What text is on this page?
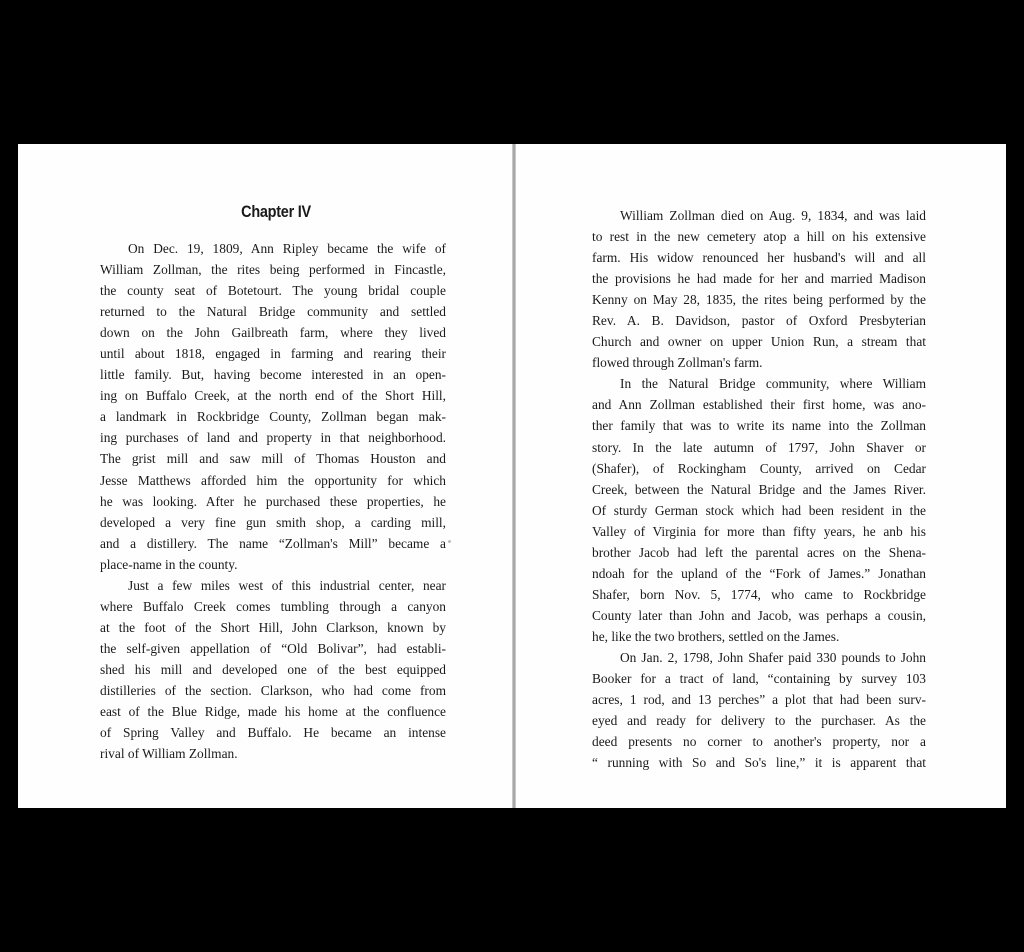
Chapter IV
On Dec. 19, 1809, Ann Ripley became the wife of
William Zollman, the rites being performed in Fincastle,
the county seat of Botetourt. The young bridal couple
returned to the Natural Bridge community and settled
down on the John Gailbreath farm, where they lived
until about 1818, engaged in farming and rearing their
little family. But, having become interested in an open-
ing on Buffalo Creek, at the north end of the Short Hill,
a landmark in Rockbridge County, Zollman began mak-
ing purchases of land and property in that neighborhood.
The grist mill and saw mill of Thomas Houston and
Jesse Matthews afforded him the opportunity for which
he was looking. After he purchased these properties, he
developed a very fine gun smith shop, a carding mill,
and a distillery. The name “Zollman's Mill” became a
place-name in the county.
Just a few miles west of this industrial center, near
where Buffalo Creek comes tumbling through a canyon
at the foot of the Short Hill, John Clarkson, known by
the self-given appellation of “Old Bolivar”, had establi-
shed his mill and developed one of the best equipped
distilleries of the section. Clarkson, who had come from
east of the Blue Ridge, made his home at the confluence
of Spring Valley and Buffalo. He became an intense
rival of William Zollman.
William Zollman died on Aug. 9, 1834, and was laid
to rest in the new cemetery atop a hill on his extensive
farm. His widow renounced her husband's will and all
the provisions he had made for her and married Madison
Kenny on May 28, 1835, the rites being performed by the
Rev. A. B. Davidson, pastor of Oxford Presbyterian
Church and owner on upper Union Run, a stream that
flowed through Zollman's farm.
In the Natural Bridge community, where William
and Ann Zollman established their first home, was ano-
ther family that was to write its name into the Zollman
story. In the late autumn of 1797, John Shaver or
(Shafer), of Rockingham County, arrived on Cedar
Creek, between the Natural Bridge and the James River.
Of sturdy German stock which had been resident in the
Valley of Virginia for more than fifty years, he anb his
brother Jacob had left the parental acres on the Shena-
ndoah for the upland of the “Fork of James.” Jonathan
Shafer, born Nov. 5, 1774, who came to Rockbridge
County later than John and Jacob, was perhaps a cousin,
he, like the two brothers, settled on the James.
On Jan. 2, 1798, John Shafer paid 330 pounds to John
Booker for a tract of land, “containing by survey 103
acres, 1 rod, and 13 perches” a plot that had been surv-
eyed and ready for delivery to the purchaser. As the
deed presents no corner to another's property, nor a
“ running with So and So's line,” it is apparent that
